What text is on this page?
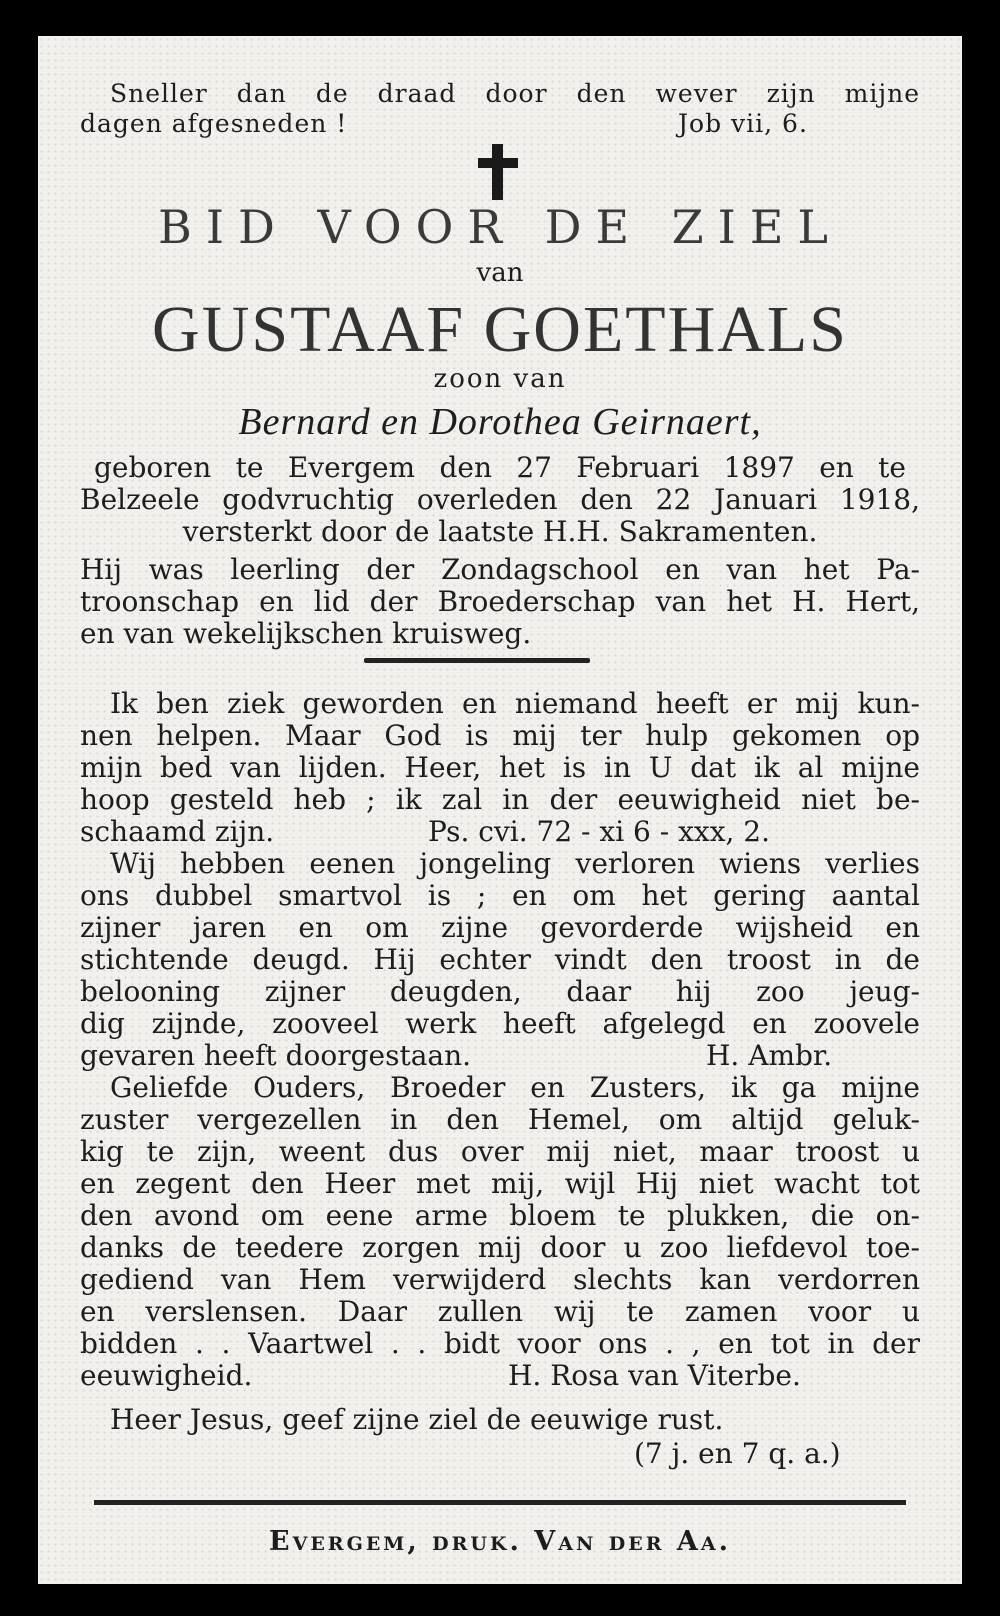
Sneller dan de draad door den wever zijn mijne
dagen afgesneden !	Job vii, 6.
BID VOOR DE ZIEL
van
GUSTAAF GOETHALS
zoon van
Bernard en Dorothea Geirnaert,
geboren te Evergem den 27 Februari 1897 en te
Belzeele godvruchtig overleden den 22 Januari 1918,
versterkt door de laatste H.H. Sakramenten.
Hij was leerling der Zondagschool en van het Pa-
troonschap en lid der Broederschap van het H. Hert,
en van wekelijkschen kruisweg.
Ik ben ziek geworden en niemand heeft er mij kun-
nen helpen. Maar God is mij ter hulp gekomen op
mijn bed van lijden. Heer, het is in U dat ik al mijne
hoop gesteld heb ; ik zal in der eeuwigheid niet be-
schaamd zijn.	Ps. cvi. 72 - xi 6 - xxx, 2.
Wij hebben eenen jongeling verloren wiens verlies
ons dubbel smartvol is ; en om het gering aantal
zijner jaren en om zijne gevorderde wijsheid en
stichtende deugd. Hij echter vindt den troost in de
belooning zijner deugden, daar hij zoo jeug-
dig zijnde, zooveel werk heeft afgelegd en zoovele
gevaren heeft doorgestaan.	H. Ambr.
Geliefde Ouders, Broeder en Zusters, ik ga mijne
zuster vergezellen in den Hemel, om altijd geluk-
kig te zijn, weent dus over mij niet, maar troost u
en zegent den Heer met mij, wijl Hij niet wacht tot
den avond om eene arme bloem te plukken, die on-
danks de teedere zorgen mij door u zoo liefdevol toe-
gediend van Hem verwijderd slechts kan verdorren
en verslensen. Daar zullen wij te zamen voor u
bidden . . Vaartwel . . bidt voor ons . , en tot in der
eeuwigheid.	H. Rosa van Viterbe.
Heer Jesus, geef zijne ziel de eeuwige rust.
(7 j. en 7 q. a.)
Evergem, druk. Van der Aa.
